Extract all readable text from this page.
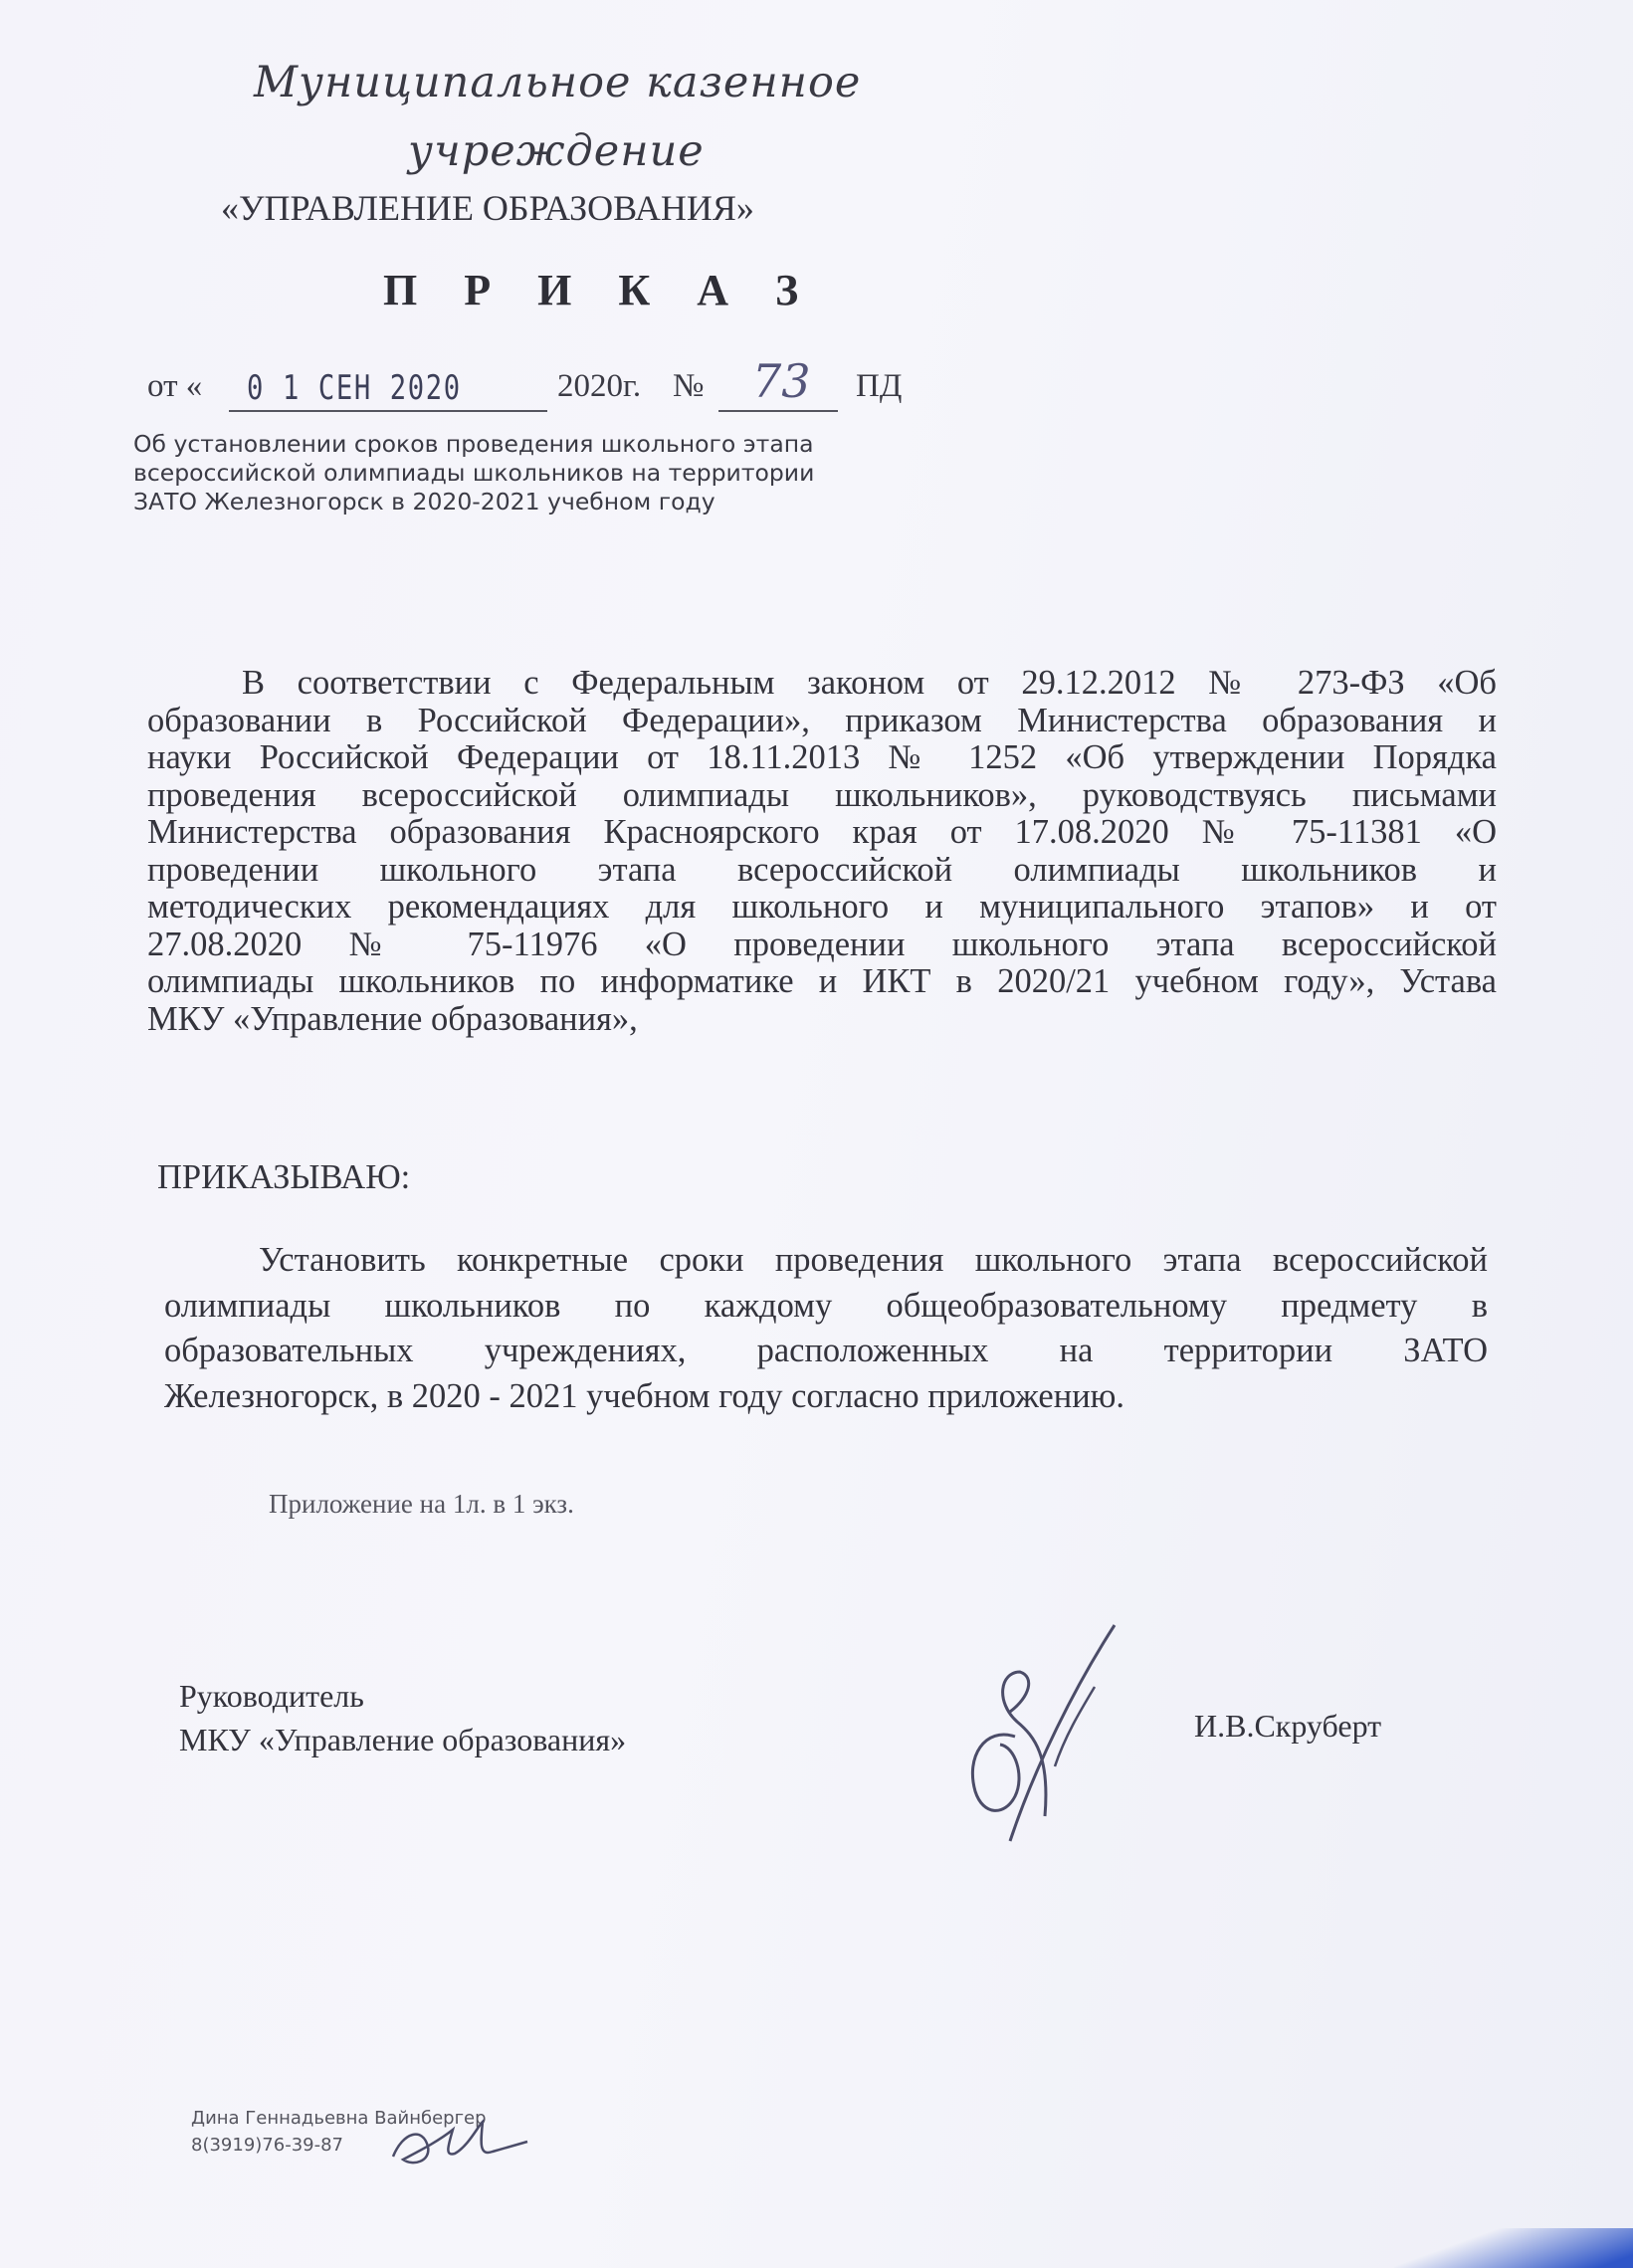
Муниципальное казенное
учреждение
«УПРАВЛЕНИЕ ОБРАЗОВАНИЯ»
П Р И К А З
от «	2020г. №	ПД
0 1 СЕН 2020	73
Об установлении сроков проведения школьного этапа
всероссийской олимпиады школьников на территории
ЗАТО Железногорск в 2020-2021 учебном году
В соответствии с Федеральным законом от 29.12.2012 № 273-ФЗ «Об
образовании в Российской Федерации», приказом Министерства образования и
науки Российской Федерации от 18.11.2013 № 1252 «Об утверждении Порядка
проведения всероссийской олимпиады школьников», руководствуясь письмами
Министерства образования Красноярского края от 17.08.2020 № 75-11381 «О
проведении школьного этапа всероссийской олимпиады школьников и
методических рекомендациях для школьного и муниципального этапов» и от
27.08.2020 № 75-11976 «О проведении школьного этапа всероссийской
олимпиады школьников по информатике и ИКТ в 2020/21 учебном году», Устава
МКУ «Управление образования»,
ПРИКАЗЫВАЮ:
Установить конкретные сроки проведения школьного этапа всероссийской
олимпиады школьников по каждому общеобразовательному предмету в
образовательных учреждениях, расположенных на территории ЗАТО
Железногорск, в 2020 - 2021 учебном году согласно приложению.
Приложение на 1л. в 1 экз.
Руководитель
МКУ «Управление образования»	И.В.Скруберт
Дина Геннадьевна Вайнбергер
8(3919)76-39-87
